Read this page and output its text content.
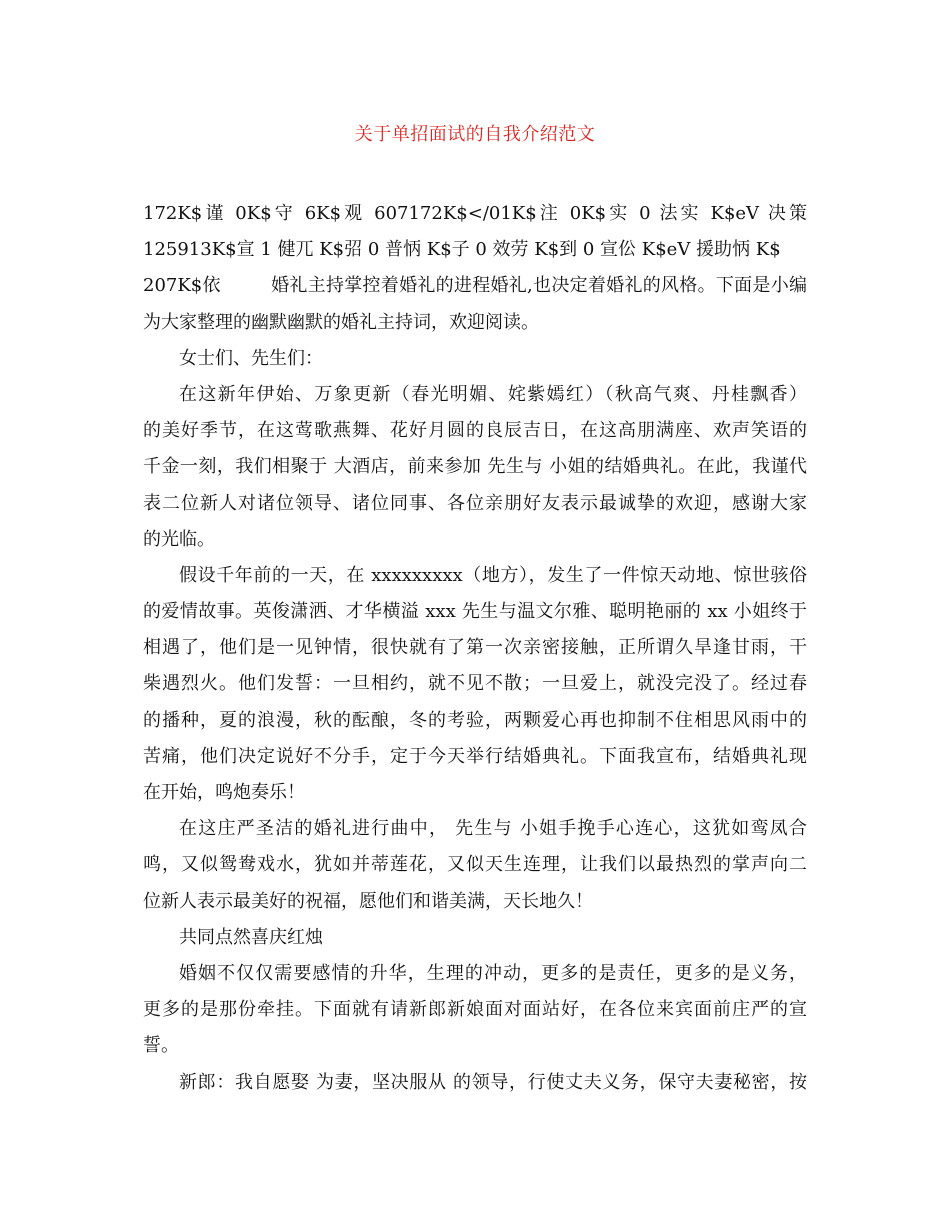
关于单招面试的自我介绍范文
172K$谨 0K$守 6K$观 607172K$</01K$注 0K$实 0 法实 K$eV 决策　
125913K$宣 1 健兀 K$弨 0 普怲 K$子 0 效劳 K$到 0 宣伀 K$eV 援助怲 K$
207K$依	婚礼主持掌控着婚礼的进程婚礼,也决定着婚礼的风格。下面是小编
为大家整理的幽默幽默的婚礼主持词，欢迎阅读。
女士们、先生们：
在这新年伊始、万象更新（春光明媚、姹紫嫣红）（秋高气爽、丹桂飘香）
的美好季节，在这莺歌燕舞、花好月圆的良辰吉日，在这高朋满座、欢声笑语的
千金一刻，我们相聚于 大酒店，前来参加 先生与 小姐的结婚典礼。在此，我谨代
表二位新人对诸位领导、诸位同事、各位亲朋好友表示最诚挚的欢迎，感谢大家
的光临。
假设千年前的一天，在 xxxxxxxxx（地方），发生了一件惊天动地、惊世骇俗
的爱情故事。英俊潇洒、才华横溢 xxx 先生与温文尔雅、聪明艳丽的 xx 小姐终于
相遇了，他们是一见钟情，很快就有了第一次亲密接触，正所谓久旱逢甘雨，干
柴遇烈火。他们发誓：一旦相约，就不见不散；一旦爱上，就没完没了。经过春
的播种，夏的浪漫，秋的酝酿，冬的考验，两颗爱心再也抑制不住相思风雨中的
苦痛，他们决定说好不分手，定于今天举行结婚典礼。下面我宣布，结婚典礼现
在开始，鸣炮奏乐！
在这庄严圣洁的婚礼进行曲中， 先生与 小姐手挽手心连心，这犹如鸾凤合
鸣，又似鸳鸯戏水，犹如并蒂莲花，又似天生连理，让我们以最热烈的掌声向二
位新人表示最美好的祝福，愿他们和谐美满，天长地久！
共同点然喜庆红烛
婚姻不仅仅需要感情的升华，生理的冲动，更多的是责任，更多的是义务，
更多的是那份牵挂。下面就有请新郎新娘面对面站好，在各位来宾面前庄严的宣
誓。
新郎：我自愿娶 为妻，坚决服从 的领导，行使丈夫义务，保守夫妻秘密，按
